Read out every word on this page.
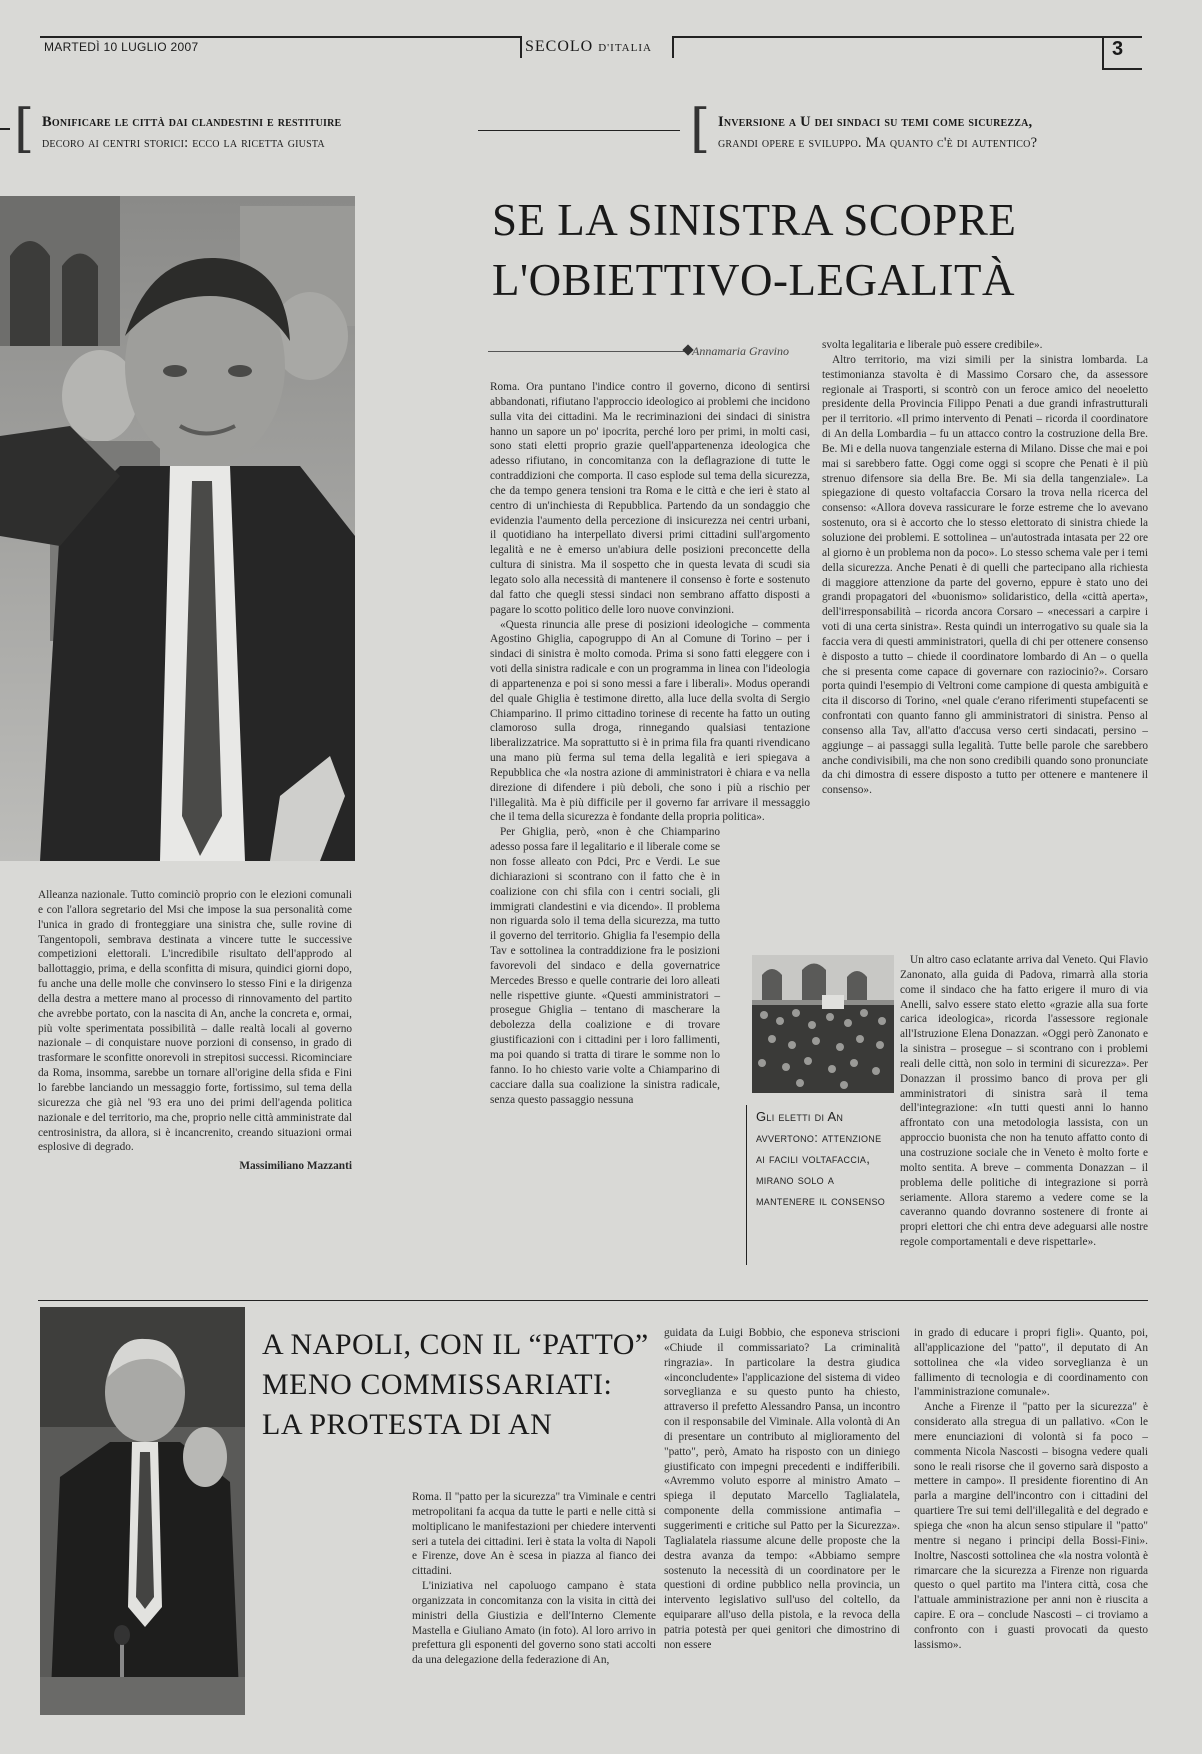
MARTEDÌ 10 LUGLIO 2007	SECOLO D'ITALIA	3
[ Bonificare le città dai clandestini e restituire
decoro ai centri storici: ecco la ricetta giusta	[ Inversione a U dei sindaci su temi come sicurezza,
grandi opere e sviluppo. Ma quanto c'è di autentico?
SE LA SINISTRA SCOPRE
L'OBIETTIVO-LEGALITÀ
Annamaria Gravino

Roma. Ora puntano l'indice contro il governo, dicono di sentirsi abbandonati, rifiutano l'approccio ideologico ai problemi che incidono sulla vita dei cittadini. Ma le recriminazioni dei sindaci di sinistra hanno un sapore un po' ipocrita, perché loro per primi, in molti casi, sono stati eletti proprio grazie quell'appartenenza ideologica che adesso rifiutano, in concomitanza con la deflagrazione di tutte le contraddizioni che comporta. Il caso esplode sul tema della sicurezza, che da tempo genera tensioni tra Roma e le città e che ieri è stato al centro di un'inchiesta di Repubblica. Partendo da un sondaggio che evidenzia l'aumento della percezione di insicurezza nei centri urbani, il quotidiano ha interpellato diversi primi cittadini sull'argomento legalità e ne è emerso un'abiura delle posizioni preconcette della cultura di sinistra. Ma il sospetto che in questa levata di scudi sia legato solo alla necessità di mantenere il consenso è forte e sostenuto dal fatto che quegli stessi sindaci non sembrano affatto disposti a pagare lo scotto politico delle loro nuove convinzioni.

«Questa rinuncia alle prese di posizioni ideologiche – commenta Agostino Ghiglia, capogruppo di An al Comune di Torino – per i sindaci di sinistra è molto comoda. Prima si sono fatti eleggere con i voti della sinistra radicale e con un programma in linea con l'ideologia di appartenenza e poi si sono messi a fare i liberali». Modus operandi del quale Ghiglia è testimone diretto, alla luce della svolta di Sergio Chiamparino. Il primo cittadino torinese di recente ha fatto un outing clamoroso sulla droga, rinnegando qualsiasi tentazione liberalizzatrice. Ma soprattutto si è in prima fila fra quanti rivendicano una mano più ferma sul tema della legalità e ieri spiegava a Repubblica che «la nostra azione di amministratori è chiara e va nella direzione di difendere i più deboli, che sono i più a rischio per l'illegalità. Ma è più difficile per il governo far arrivare il messaggio che il tema della sicurezza è fondante della propria politica».

Per Ghiglia, però, «non è che Chiamparino adesso possa fare il legalitario e il liberale come se non fosse alleato con Pdci, Prc e Verdi. Le sue dichiarazioni si scontrano con il fatto che è in coalizione con chi sfila con i centri sociali, gli immigrati clandestini e via dicendo». Il problema non riguarda solo il tema della sicurezza, ma tutto il governo del territorio. Ghiglia fa l'esempio della Tav e sottolinea la contraddizione fra le posizioni favorevoli del sindaco e della governatrice Mercedes Bresso e quelle contrarie dei loro alleati nelle rispettive giunte. «Questi amministratori – prosegue Ghiglia – tentano di mascherare la debolezza della coalizione e di trovare giustificazioni con i cittadini per i loro fallimenti, ma poi quando si tratta di tirare le somme non lo fanno. Io ho chiesto varie volte a Chiamparino di cacciare dalla sua coalizione la sinistra radicale, senza questo passaggio nessuna

svolta legalitaria e liberale può essere credibile».

Altro territorio, ma vizi simili per la sinistra lombarda. La testimonianza stavolta è di Massimo Corsaro che, da assessore regionale ai Trasporti, si scontrò con un feroce amico del neoeletto presidente della Provincia Filippo Penati a due grandi infrastrutturali per il territorio. «Il primo intervento di Penati – ricorda il coordinatore di An della Lombardia – fu un attacco contro la costruzione della Bre. Be. Mi e della nuova tangenziale esterna di Milano. Disse che mai e poi mai si sarebbero fatte. Oggi come oggi si scopre che Penati è il più strenuo difensore sia della Bre. Be. Mi sia della tangenziale». La spiegazione di questo voltafaccia Corsaro la trova nella ricerca del consenso: «Allora doveva rassicurare le forze estreme che lo avevano sostenuto, ora si è accorto che lo stesso elettorato di sinistra chiede la soluzione dei problemi. E sottolinea – un'autostrada intasata per 22 ore al giorno è un problema non da poco». Lo stesso schema vale per i temi della sicurezza. Anche Penati è di quelli che partecipano alla richiesta di maggiore attenzione da parte del governo, eppure è stato uno dei grandi propagatori del «buonismo» solidaristico, della «città aperta», dell'irresponsabilità – ricorda ancora Corsaro – «necessari a carpire i voti di una certa sinistra». Resta quindi un interrogativo su quale sia la faccia vera di questi amministratori, quella di chi per ottenere consenso è disposto a tutto – chiede il coordinatore lombardo di An – o quella che si presenta come capace di governare con raziocinio?». Corsaro porta quindi l'esempio di Veltroni come campione di questa ambiguità e cita il discorso di Torino, «nel quale c'erano riferimenti stupefacenti se confrontati con quanto fanno gli amministratori di sinistra. Penso al consenso alla Tav, all'atto d'accusa verso certi sindacati, persino – aggiunge – ai passaggi sulla legalità. Tutte belle parole che sarebbero anche condivisibili, ma che non sono credibili quando sono pronunciate da chi dimostra di essere disposto a tutto per ottenere e mantenere il consenso».

Un altro caso eclatante arriva dal Veneto. Qui Flavio Zanonato, alla guida di Padova, rimarrà alla storia come il sindaco che ha fatto erigere il muro di via Anelli, salvo essere stato eletto «grazie alla sua forte carica ideologica», ricorda l'assessore regionale all'Istruzione Elena Donazzan. «Oggi però Zanonato e la sinistra – prosegue – si scontrano con i problemi reali delle città, non solo in termini di sicurezza». Per Donazzan il prossimo banco di prova per gli amministratori di sinistra sarà il tema dell'integrazione: «In tutti questi anni lo hanno affrontato con una metodologia lassista, con un approccio buonista che non ha tenuto affatto conto di una costruzione sociale che in Veneto è molto forte e molto sentita. A breve – commenta Donazzan – il problema delle politiche di integrazione si porrà seriamente. Allora staremo a vedere come se la caveranno quando dovranno sostenere di fronte ai propri elettori che chi entra deve adeguarsi alle nostre regole comportamentali e deve rispettarle».

Gli eletti di An avvertono: attenzione ai facili voltafaccia, mirano solo a mantenere il consenso

Alleanza nazionale. Tutto cominciò proprio con le elezioni comunali e con l'allora segretario del Msi che impose la sua personalità come l'unica in grado di fronteggiare una sinistra che, sulle rovine di Tangentopoli, sembrava destinata a vincere tutte le successive competizioni elettorali. L'incredibile risultato dell'approdo al ballottaggio, prima, e della sconfitta di misura, quindici giorni dopo, fu anche una delle molle che convinsero lo stesso Fini e la dirigenza della destra a mettere mano al processo di rinnovamento del partito che avrebbe portato, con la nascita di An, anche la concreta e, ormai, più volte sperimentata possibilità – dalle realtà locali al governo nazionale – di conquistare nuove porzioni di consenso, in grado di trasformare le sconfitte onorevoli in strepitosi successi. Ricominciare da Roma, insomma, sarebbe un tornare all'origine della sfida e Fini lo farebbe lanciando un messaggio forte, fortissimo, sul tema della sicurezza che già nel '93 era uno dei primi dell'agenda politica nazionale e del territorio, ma che, proprio nelle città amministrate dal centrosinistra, da allora, si è incancrenito, creando situazioni ormai esplosive di degrado.

Massimiliano Mazzanti

A NAPOLI, CON IL “PATTO”
MENO COMMISSARIATI:
LA PROTESTA DI AN

Roma. Il "patto per la sicurezza" tra Viminale e centri metropolitani fa acqua da tutte le parti e nelle città si moltiplicano le manifestazioni per chiedere interventi seri a tutela dei cittadini. Ieri è stata la volta di Napoli e Firenze, dove An è scesa in piazza al fianco dei cittadini.

L'iniziativa nel capoluogo campano è stata organizzata in concomitanza con la visita in città dei ministri della Giustizia e dell'Interno Clemente Mastella e Giuliano Amato (in foto). Al loro arrivo in prefettura gli esponenti del governo sono stati accolti da una delegazione della federazione di An,

guidata da Luigi Bobbio, che esponeva striscioni «Chiude il commissariato? La criminalità ringrazia». In particolare la destra giudica «inconcludente» l'applicazione del sistema di video sorveglianza e su questo punto ha chiesto, attraverso il prefetto Alessandro Pansa, un incontro con il responsabile del Viminale. Alla volontà di An di presentare un contributo al miglioramento del "patto", però, Amato ha risposto con un diniego giustificato con impegni precedenti e indifferibili. «Avremmo voluto esporre al ministro Amato – spiega il deputato Marcello Taglialatela, componente della commissione antimafia – suggerimenti e critiche sul Patto per la Sicurezza». Taglialatela riassume alcune delle proposte che la destra avanza da tempo: «Abbiamo sempre sostenuto la necessità di un coordinatore per le questioni di ordine pubblico nella provincia, un intervento legislativo sull'uso del coltello, da equiparare all'uso della pistola, e la revoca della patria potestà per quei genitori che dimostrino di non essere

in grado di educare i propri figli». Quanto, poi, all'applicazione del "patto", il deputato di An sottolinea che «la video sorveglianza è un fallimento di tecnologia e di coordinamento con l'amministrazione comunale».

Anche a Firenze il "patto per la sicurezza" è considerato alla stregua di un pallativo. «Con le mere enunciazioni di volontà si fa poco – commenta Nicola Nascosti – bisogna vedere quali sono le reali risorse che il governo sarà disposto a mettere in campo». Il presidente fiorentino di An parla a margine dell'incontro con i cittadini del quartiere Tre sui temi dell'illegalità e del degrado e spiega che «non ha alcun senso stipulare il "patto" mentre si negano i principi della Bossi-Fini». Inoltre, Nascosti sottolinea che «la nostra volontà è rimarcare che la sicurezza a Firenze non riguarda questo o quel partito ma l'intera città, cosa che l'attuale amministrazione per anni non è riuscita a capire. E ora – conclude Nascosti – ci troviamo a confronto con i guasti provocati da questo lassismo».
